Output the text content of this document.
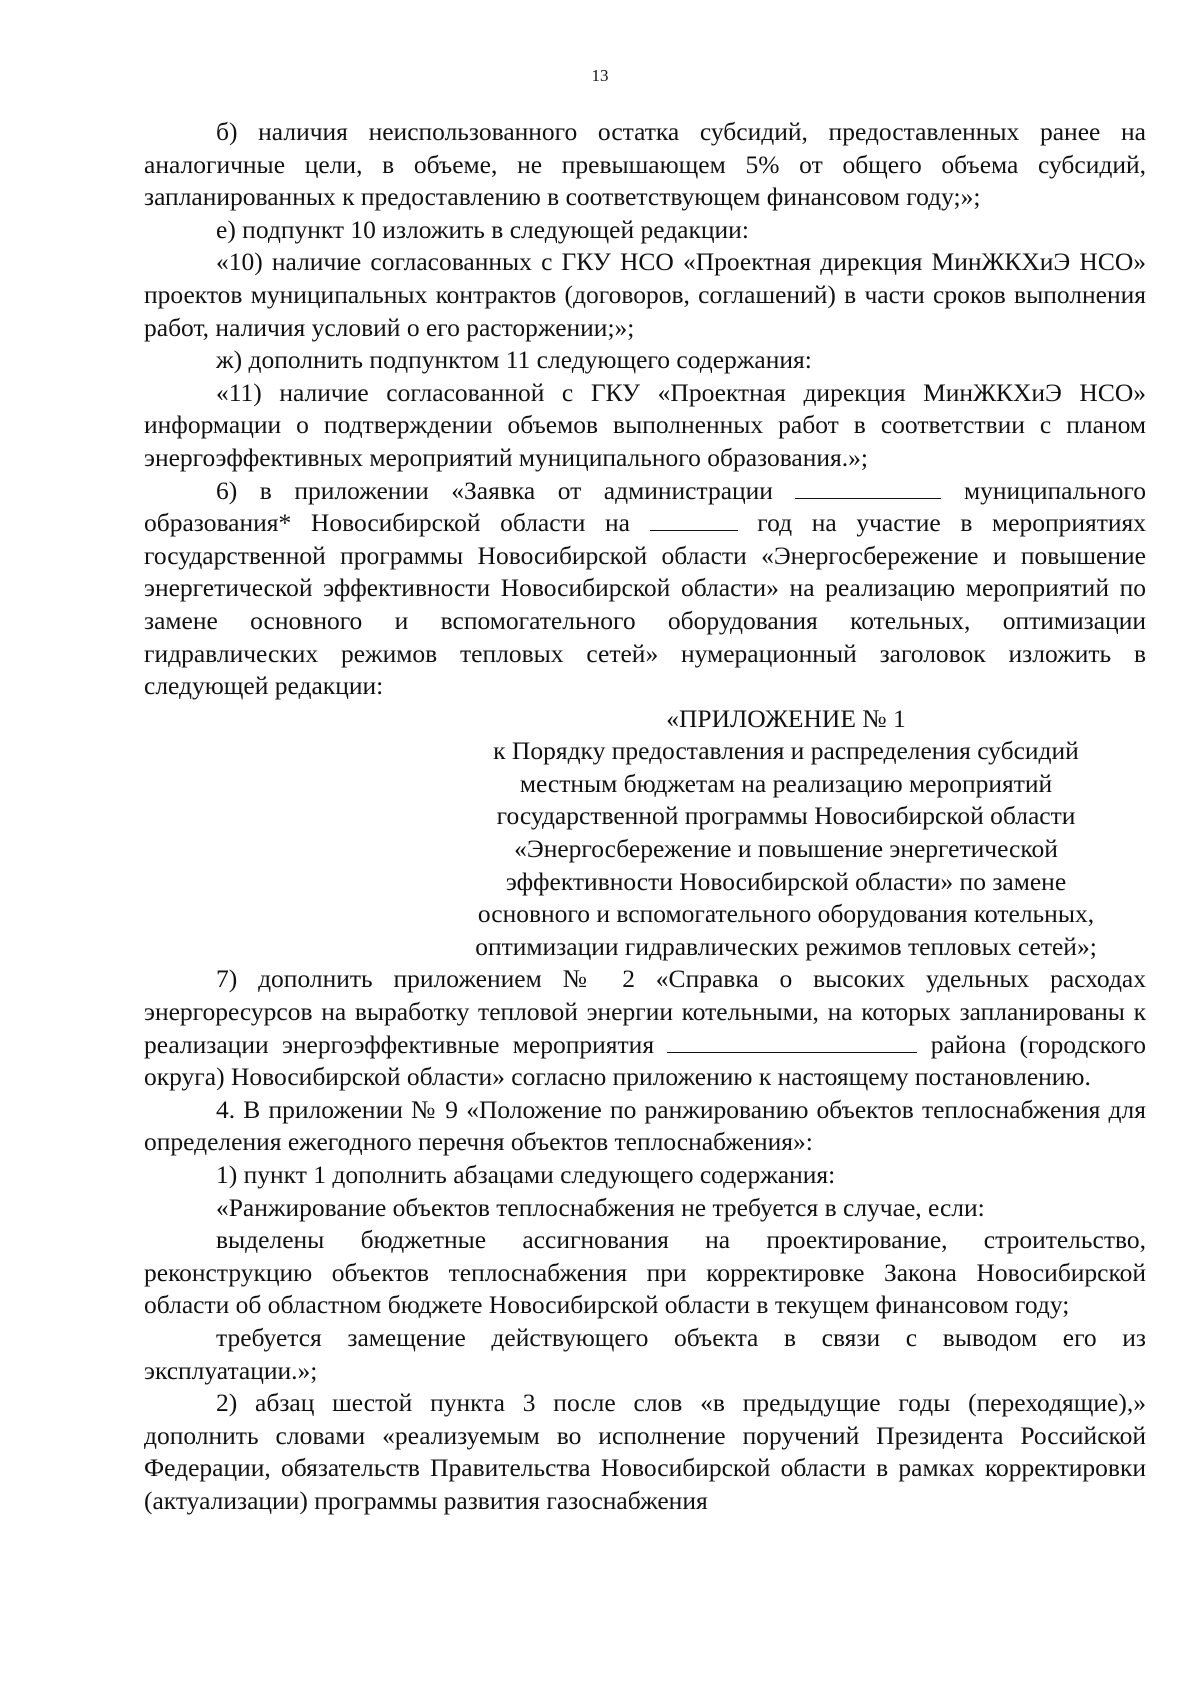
13

б) наличия неиспользованного остатка субсидий, предоставленных ранее на аналогичные цели, в объеме, не превышающем 5% от общего объема субсидий, запланированных к предоставлению в соответствующем финансовом году;»;

е) подпункт 10 изложить в следующей редакции:

«10) наличие согласованных с ГКУ НСО «Проектная дирекция МинЖКХиЭ НСО» проектов муниципальных контрактов (договоров, соглашений) в части сроков выполнения работ, наличия условий о его расторжении;»;

ж) дополнить подпунктом 11 следующего содержания:

«11) наличие согласованной с ГКУ «Проектная дирекция МинЖКХиЭ НСО» информации о подтверждении объемов выполненных работ в соответствии с планом энергоэффективных мероприятий муниципального образования.»;

6) в приложении «Заявка от администрации	муниципального образования* Новосибирской области на	год на участие в мероприятиях государственной программы Новосибирской области «Энергосбережение и повышение энергетической эффективности Новосибирской области» на реализацию мероприятий по замене основного и вспомогательного оборудования котельных, оптимизации гидравлических режимов тепловых сетей» нумерационный заголовок изложить в следующей редакции:

«ПРИЛОЖЕНИЕ № 1
к Порядку предоставления и распределения субсидий
местным бюджетам на реализацию мероприятий
государственной программы Новосибирской области
«Энергосбережение и повышение энергетической
эффективности Новосибирской области» по замене
основного и вспомогательного оборудования котельных,
оптимизации гидравлических режимов тепловых сетей»;

7) дополнить приложением № 2 «Справка о высоких удельных расходах энергоресурсов на выработку тепловой энергии котельными, на которых запланированы к реализации энергоэффективные мероприятия	района (городского округа) Новосибирской области» согласно приложению к настоящему постановлению.

4. В приложении № 9 «Положение по ранжированию объектов теплоснабжения для определения ежегодного перечня объектов теплоснабжения»:

1) пункт 1 дополнить абзацами следующего содержания:

«Ранжирование объектов теплоснабжения не требуется в случае, если:

выделены бюджетные ассигнования на проектирование, строительство, реконструкцию объектов теплоснабжения при корректировке Закона Новосибирской области об областном бюджете Новосибирской области в текущем финансовом году;

требуется замещение действующего объекта в связи с выводом его из эксплуатации.»;

2) абзац шестой пункта 3 после слов «в предыдущие годы (переходящие),» дополнить словами «реализуемым во исполнение поручений Президента Российской Федерации, обязательств Правительства Новосибирской области в рамках корректировки (актуализации) программы развития газоснабжения
